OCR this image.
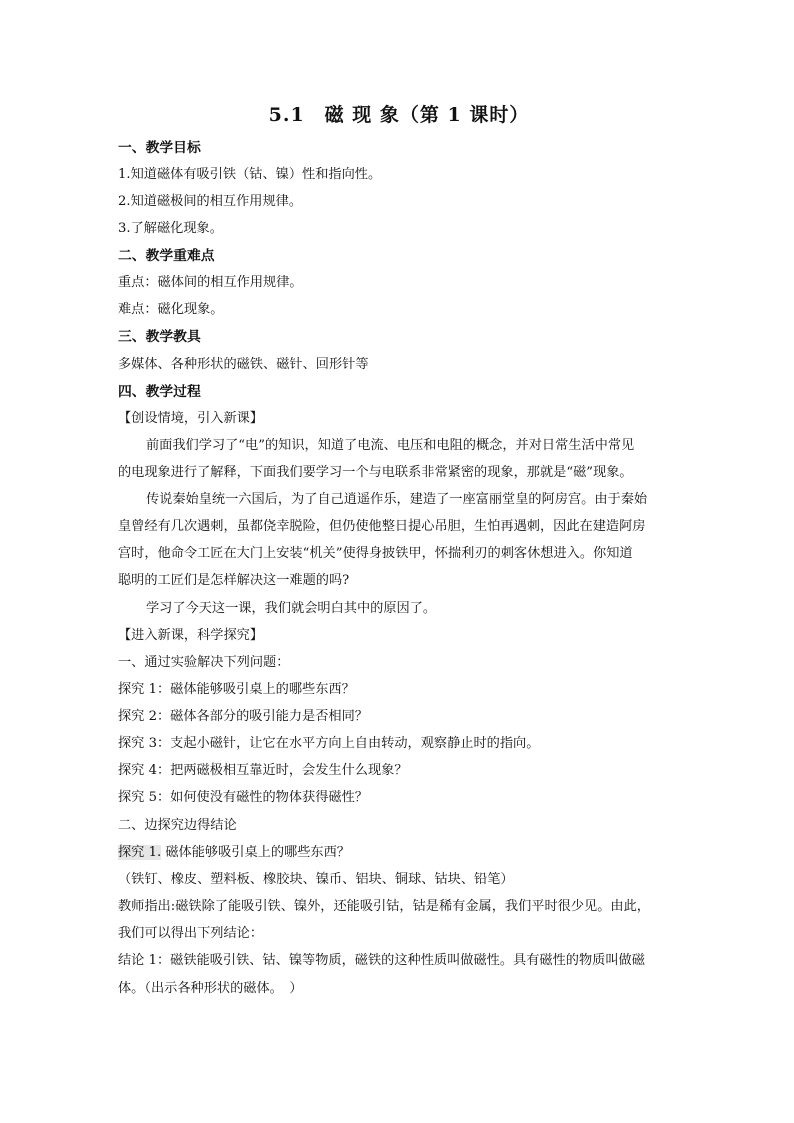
5.1　磁 现 象（第 1 课时）
一、教学目标
1.知道磁体有吸引铁（钴、镍）性和指向性。
2.知道磁极间的相互作用规律。
3.了解磁化现象。
二、教学重难点
重点：磁体间的相互作用规律。
难点：磁化现象。
三、教学教具
多媒体、各种形状的磁铁、磁针、回形针等
四、教学过程
【创设情境，引入新课】
前面我们学习了“电”的知识，知道了电流、电压和电阻的概念，并对日常生活中常见
的电现象进行了解释，下面我们要学习一个与电联系非常紧密的现象，那就是“磁”现象。
传说秦始皇统一六国后，为了自己逍遥作乐，建造了一座富丽堂皇的阿房宫。由于秦始
皇曾经有几次遇刺，虽都侥幸脱险，但仍使他整日提心吊胆，生怕再遇刺，因此在建造阿房
宫时，他命令工匠在大门上安装“机关”使得身披铁甲，怀揣利刃的刺客休想进入。你知道
聪明的工匠们是怎样解决这一难题的吗?
学习了今天这一课，我们就会明白其中的原因了。
【进入新课，科学探究】
一、通过实验解决下列问题：
探究 1：磁体能够吸引桌上的哪些东西？
探究 2：磁体各部分的吸引能力是否相同？
探究 3：支起小磁针，让它在水平方向上自由转动，观察静止时的指向。
探究 4：把两磁极相互靠近时，会发生什么现象？
探究 5：如何使没有磁性的物体获得磁性？
二、边探究边得结论
探究 1. 磁体能够吸引桌上的哪些东西？
（铁钉、橡皮、塑料板、橡胶块、镍币、铝块、铜球、钴块、铅笔）
教师指出:磁铁除了能吸引铁、镍外，还能吸引钴，钴是稀有金属，我们平时很少见。由此，
我们可以得出下列结论：
结论 1：磁铁能吸引铁、钴、镍等物质，磁铁的这种性质叫做磁性。具有磁性的物质叫做磁
体。（出示各种形状的磁体。　）
